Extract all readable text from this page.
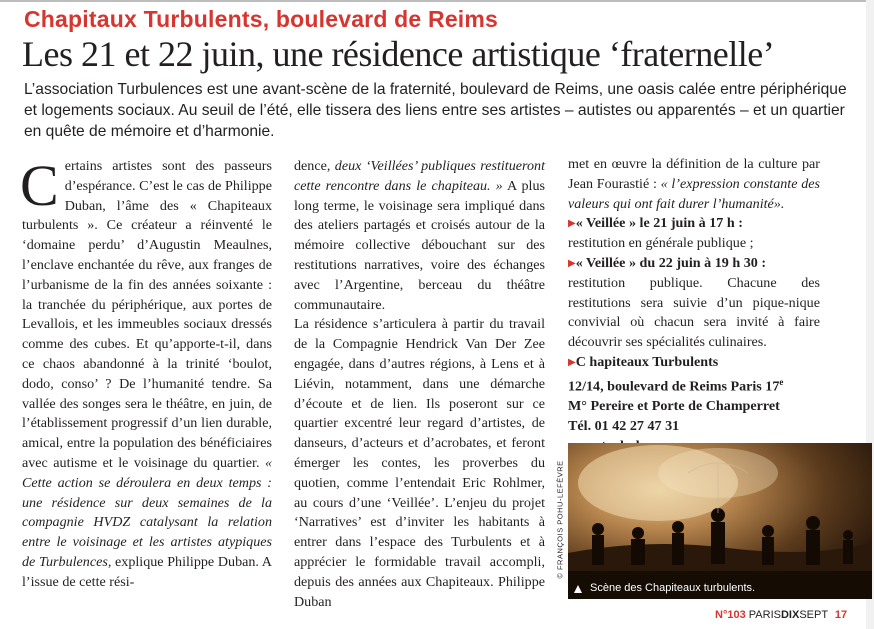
Chapitaux Turbulents, boulevard de Reims
Les 21 et 22 juin, une résidence artistique ‘fraternelle’
L’association Turbulences est une avant-scène de la fraternité, boulevard de Reims, une oasis calée entre périphérique et logements sociaux. Au seuil de l’été, elle tissera des liens entre ses artistes – autistes ou apparentés – et un quartier en quête de mémoire et d’harmonie.

Certains artistes sont des passeurs d’espérance. C’est le cas de Philippe Duban, l’âme des « Chapiteaux turbulents ». Ce créateur a réinventé le ‘domaine perdu’ d’Augustin Meaulnes, l’enclave enchantée du rêve, aux franges de l’urbanisme de la fin des années soixante : la tranchée du périphérique, aux portes de Levallois, et les immeubles sociaux dressés comme des cubes. Et qu’apporte-t-il, dans ce chaos abandonné à la trinité ‘boulot, dodo, conso’ ? De l’humanité tendre. Sa vallée des songes sera le théâtre, en juin, de l’établissement progressif d’un lien durable, amical, entre la population des bénéficiaires avec autisme et le voisinage du quartier. « Cette action se déroulera en deux temps : une résidence sur deux semaines de la compagnie HVDZ catalysant la relation entre le voisinage et les artistes atypiques de Turbulences, explique Philippe Duban. A l’issue de cette rési-

dence, deux ‘Veillées’ publiques restitueront cette rencontre dans le chapiteau. » A plus long terme, le voisinage sera impliqué dans des ateliers partagés et croisés autour de la mémoire collective débouchant sur des restitutions narratives, voire des échanges avec l’Argentine, berceau du théâtre communautaire.

La résidence s’articulera à partir du travail de la Compagnie Hendrick Van Der Zee engagée, dans d’autres régions, à Lens et à Liévin, notamment, dans une démarche d’écoute et de lien. Ils poseront sur ce quartier excentré leur regard d’artistes, de danseurs, d’acteurs et d’acrobates, et feront émerger les contes, les proverbes du quotien, comme l’entendait Eric Rohlmer, au cours d’une ‘Veillée’. L’enjeu du projet ‘Narratives’ est d’inviter les habitants à entrer dans l’espace des Turbulents et à apprécier le formidable travail accompli, depuis des années aux Chapiteaux. Philippe Duban

met en œuvre la définition de la culture par Jean Fourastié : « l’expression constante des valeurs qui ont fait durer l’humanité».

▶« Veillée » le 21 juin à 17 h :
restitution en générale publique ;

▶« Veillée » du 22 juin à 19 h 30 :
restitution publique. Chacune des restitutions sera suivie d’un pique-nique convivial où chacun sera invité à faire découvrir ses spécialités culinaires.

▶C hapiteaux Turbulents
12/14, boulevard de Reims Paris 17e
M° Pereire et Porte de Champerret
Tél. 01 42 27 47 31

© FRANÇOIS POHU-LEFÈVRE
Scène des Chapiteaux turbulents.
N°103 PARISDIXSEPT 17
